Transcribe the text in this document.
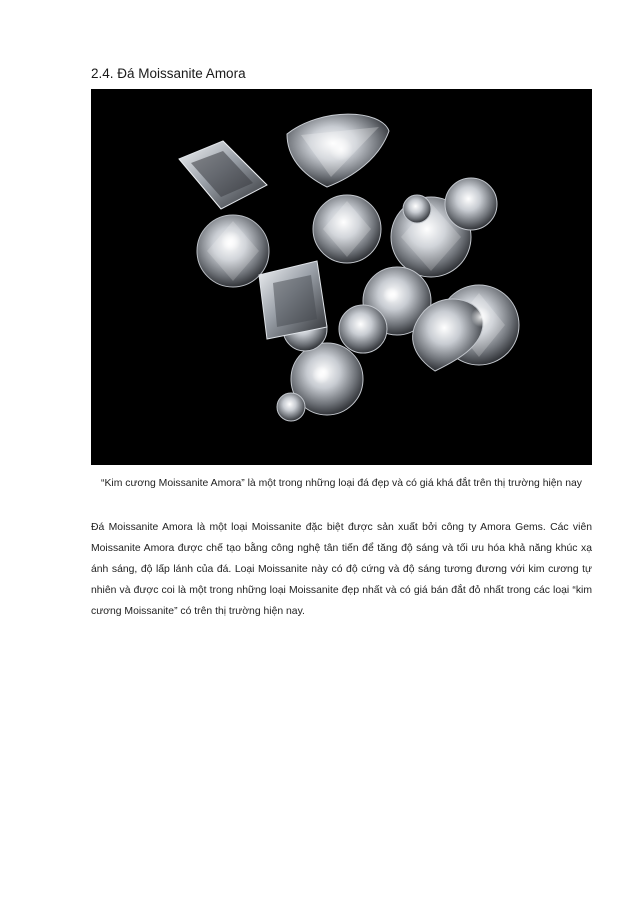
2.4. Đá Moissanite Amora
“Kim cương Moissanite Amora” là một trong những loại đá đẹp và có giá khá đắt trên thị trường hiện nay
Đá Moissanite Amora là một loại Moissanite đặc biệt được sản xuất bởi công ty Amora Gems. Các viên Moissanite Amora được chế tạo bằng công nghệ tân tiến để tăng độ sáng và tối ưu hóa khả năng khúc xạ ánh sáng, độ lấp lánh của đá. Loại Moissanite này có độ cứng và độ sáng tương đương với kim cương tự nhiên và được coi là một trong những loại Moissanite đẹp nhất và có giá bán đắt đỏ nhất trong các loại “kim cương Moissanite” có trên thị trường hiện nay.
